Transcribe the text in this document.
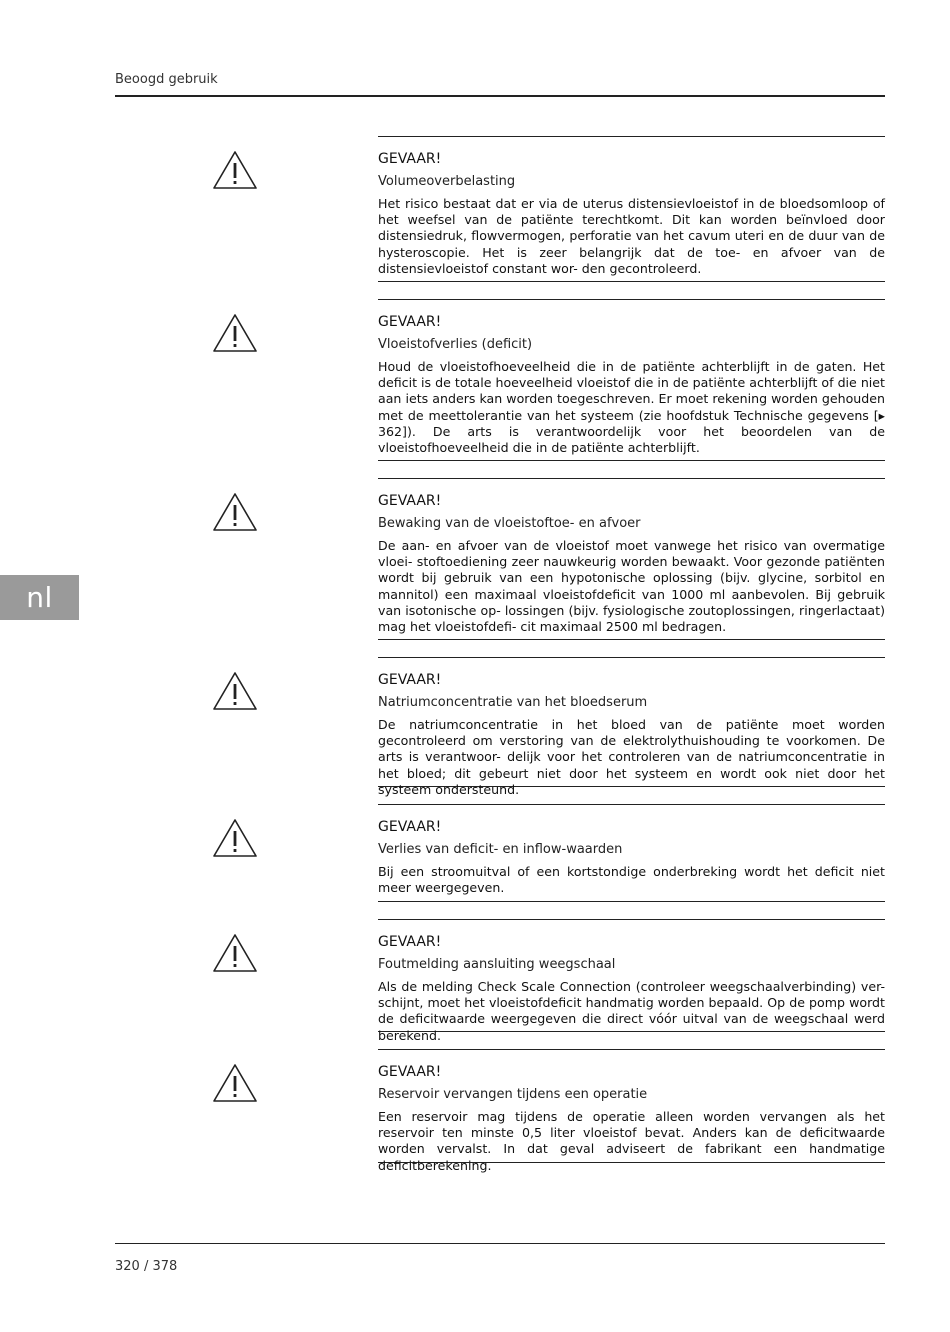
Beoogd gebruik
nl

GEVAAR!

Volumeoverbelasting

Het risico bestaat dat er via de uterus distensievloeistof in de bloedsomloop of het weefsel van de patiënte terechtkomt. Dit kan worden beïnvloed door distensiedruk, flowvermogen, perforatie van het cavum uteri en de duur van de hysteroscopie. Het is zeer belangrijk dat de toe- en afvoer van de distensievloeistof constant wor- den gecontroleerd.

GEVAAR!

Vloeistofverlies (deficit)

Houd de vloeistofhoeveelheid die in de patiënte achterblijft in de gaten. Het deficit is de totale hoeveelheid vloeistof die in de patiënte achterblijft of die niet aan iets anders kan worden toegeschreven. Er moet rekening worden gehouden met de meettolerantie van het systeem (zie hoofdstuk Technische gegevens [▸ 362]). De arts is verantwoordelijk voor het beoordelen van de vloeistofhoeveelheid die in de patiënte achterblijft.

GEVAAR!

Bewaking van de vloeistoftoe- en afvoer

De aan- en afvoer van de vloeistof moet vanwege het risico van overmatige vloei- stoftoediening zeer nauwkeurig worden bewaakt. Voor gezonde patiënten wordt bij gebruik van een hypotonische oplossing (bijv. glycine, sorbitol en mannitol) een maximaal vloeistofdeficit van 1000 ml aanbevolen. Bij gebruik van isotonische op- lossingen (bijv. fysiologische zoutoplossingen, ringerlactaat) mag het vloeistofdefi- cit maximaal 2500 ml bedragen.

GEVAAR!

Natriumconcentratie van het bloedserum

De natriumconcentratie in het bloed van de patiënte moet worden gecontroleerd om verstoring van de elektrolythuishouding te voorkomen. De arts is verantwoor- delijk voor het controleren van de natriumconcentratie in het bloed; dit gebeurt niet door het systeem en wordt ook niet door het systeem ondersteund.

GEVAAR!

Verlies van deficit- en inflow-waarden

Bij een stroomuitval of een kortstondige onderbreking wordt het deficit niet meer weergegeven.

GEVAAR!

Foutmelding aansluiting weegschaal

Als de melding Check Scale Connection (controleer weegschaalverbinding) ver- schijnt, moet het vloeistofdeficit handmatig worden bepaald. Op de pomp wordt de deficitwaarde weergegeven die direct vóór uitval van de weegschaal werd berekend.

GEVAAR!

Reservoir vervangen tijdens een operatie

Een reservoir mag tijdens de operatie alleen worden vervangen als het reservoir ten minste 0,5 liter vloeistof bevat. Anders kan de deficitwaarde worden vervalst. In dat geval adviseert de fabrikant een handmatige deficitberekening.

320 / 378
